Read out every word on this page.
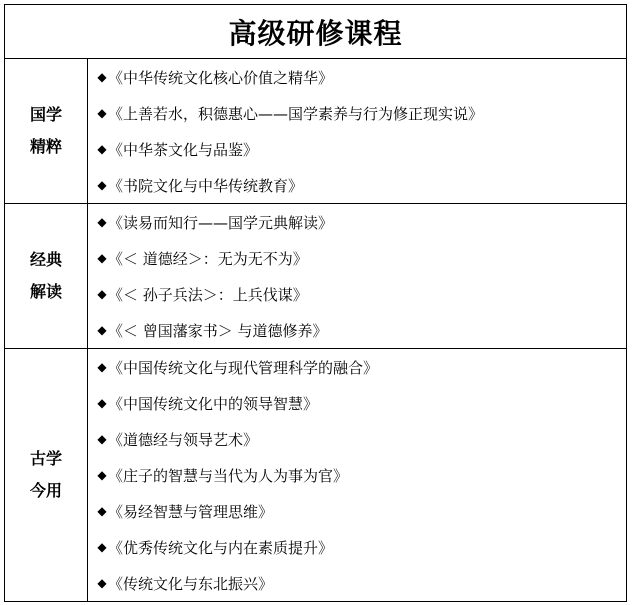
高级研修课程
国学
精粹
◆ 《中华传统文化核心价值之精华》
◆ 《上善若水，积德惠心——国学素养与行为修正现实说》
◆ 《中华茶文化与品鉴》
◆ 《书院文化与中华传统教育》
经典
解读
◆ 《读易而知行——国学元典解读》
◆ 《＜ 道德经＞：无为无不为》
◆ 《＜ 孙子兵法＞：上兵伐谋》
◆ 《＜ 曾国藩家书＞ 与道德修养》
古学
今用
◆ 《中国传统文化与现代管理科学的融合》
◆ 《中国传统文化中的领导智慧》
◆ 《道德经与领导艺术》
◆ 《庄子的智慧与当代为人为事为官》
◆ 《易经智慧与管理思维》
◆ 《优秀传统文化与内在素质提升》
◆ 《传统文化与东北振兴》
